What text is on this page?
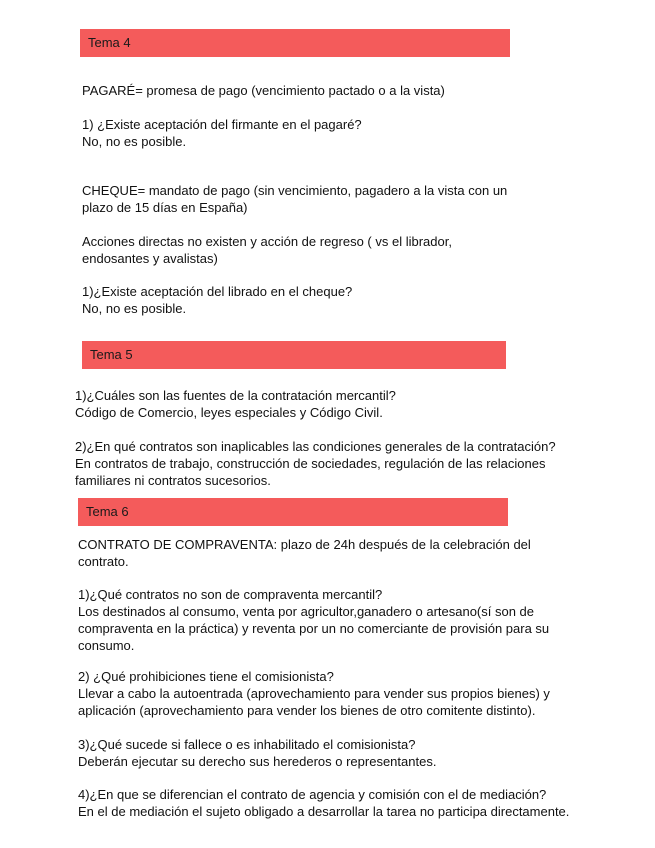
Tema 4

PAGARÉ= promesa de pago (vencimiento pactado o a la vista)

1) ¿Existe aceptación del firmante en el pagaré?
No, no es posible.

CHEQUE= mandato de pago (sin vencimiento, pagadero a la vista con un
plazo de 15 días en España)

Acciones directas no existen y acción de regreso ( vs el librador,
endosantes y avalistas)

1)¿Existe aceptación del librado en el cheque?
No, no es posible.

Tema 5

1)¿Cuáles son las fuentes de la contratación mercantil?
Código de Comercio, leyes especiales y Código Civil.

2)¿En qué contratos son inaplicables las condiciones generales de la contratación?
En contratos de trabajo, construcción de sociedades, regulación de las relaciones
familiares ni contratos sucesorios.

Tema 6

CONTRATO DE COMPRAVENTA: plazo de 24h después de la celebración del
contrato.

1)¿Qué contratos no son de compraventa mercantil?
Los destinados al consumo, venta por agricultor,ganadero o artesano(sí son de
compraventa en la práctica) y reventa por un no comerciante de provisión para su
consumo.

2) ¿Qué prohibiciones tiene el comisionista?
Llevar a cabo la autoentrada (aprovechamiento para vender sus propios bienes) y
aplicación (aprovechamiento para vender los bienes de otro comitente distinto).

3)¿Qué sucede si fallece o es inhabilitado el comisionista?
Deberán ejecutar su derecho sus herederos o representantes.

4)¿En que se diferencian el contrato de agencia y comisión con el de mediación?
En el de mediación el sujeto obligado a desarrollar la tarea no participa directamente.
